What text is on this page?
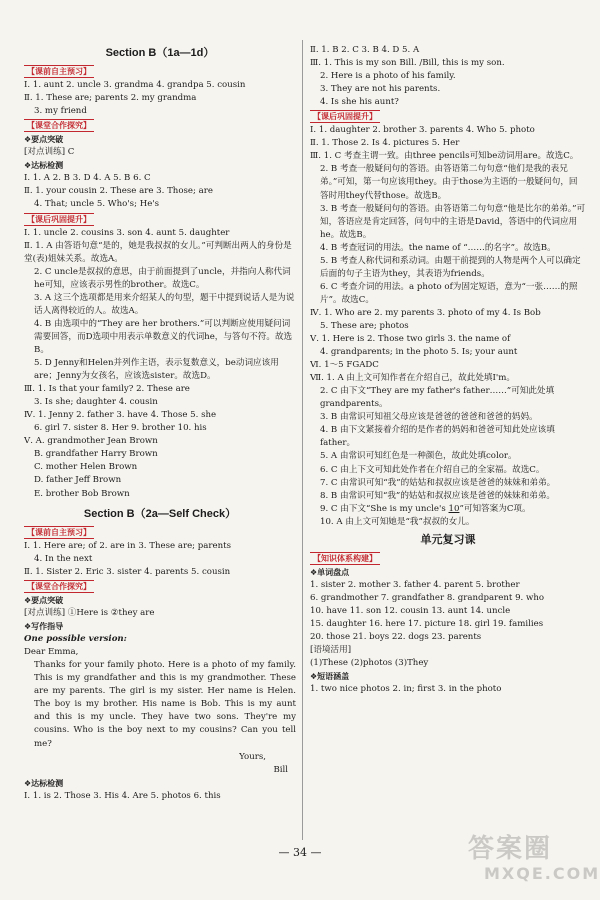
Section B（1a—1d）
【课前自主预习】
Ⅰ. 1. aunt 2. uncle 3. grandma 4. grandpa 5. cousin
Ⅱ. 1. These are; parents 2. my grandma
3. my friend
【课堂合作探究】
❖要点突破
[对点训练] C
❖达标检测
Ⅰ. 1. A 2. B 3. D 4. A 5. B 6. C
Ⅱ. 1. your cousin 2. These are 3. Those; are
4. That; uncle 5. Who's; He's
【课后巩固提升】
Ⅰ. 1. uncle 2. cousins 3. son 4. aunt 5. daughter
Ⅱ. 1. A 由答语句意“是的，她是我叔叔的女儿。”可判断出两人的身份是堂(表)姐妹关系。故选A。
2. C uncle是叔叔的意思，由于前面提到了uncle，并指向人称代词he可知，应该表示男性的brother。故选C。
3. A 这三个选项都是用来介绍某人的句型，题干中提到说话人是为说话人离得较近的人。故选A。
4. B 由选项中的“They are her brothers.”可以判断应使用疑问词需要回答，而D选项中用表示单数意义的代词he，与答句不符。故选B。
5. D Jenny和Helen并列作主语，表示复数意义，be动词应该用are；Jenny为女孩名，应该选sister。故选D。
Ⅲ. 1. Is that your family? 2. These are
3. Is she; daughter 4. cousin
Ⅳ. 1. Jenny 2. father 3. have 4. Those 5. she
6. girl 7. sister 8. Her 9. brother 10. his
Ⅴ. A. grandmother Jean Brown
B. grandfather Harry Brown
C. mother Helen Brown
D. father Jeff Brown
E. brother Bob Brown
Section B（2a—Self Check）
【课前自主预习】
Ⅰ. 1. Here are; of 2. are in 3. These are; parents
4. In the next
Ⅱ. 1. Sister 2. Eric 3. sister 4. parents 5. cousin
【课堂合作探究】
❖要点突破
[对点训练] ①Here is ②they are
❖写作指导
One possible version:
Dear Emma,
Thanks for your family photo. Here is a photo of my family. This is my grandfather and this is my grandmother. These are my parents. The girl is my sister. Her name is Helen. The boy is my brother. His name is Bob. This is my aunt and this is my uncle. They have two sons. They're my cousins. Who is the boy next to my cousins? Can you tell me?
Yours,
Bill
❖达标检测
Ⅰ. 1. is 2. Those 3. His 4. Are 5. photos 6. this
Ⅱ. 1. B 2. C 3. B 4. D 5. A
Ⅲ. 1. This is my son Bill. /Bill, this is my son.
2. Here is a photo of his family.
3. They are not his parents.
4. Is she his aunt?
【课后巩固提升】
Ⅰ. 1. daughter 2. brother 3. parents 4. Who 5. photo
Ⅱ. 1. Those 2. Is 4. pictures 5. Her
Ⅲ. 1. C 考查主谓一致。由three pencils可知be动词用are。故选C。
2. B 考查一般疑问句的答语。由答语第二句句意“他们是我的表兄弟。”可知，第一句应该用they。由于those为主语的一般疑问句，回答时用they代替those。故选B。
3. B 考查一般疑问句的答语。由答语第二句句意“他是比尔的弟弟。”可知，答语应是肯定回答，问句中的主语是David，答语中的代词应用he。故选B。
4. B 考查冠词的用法。the name of “……的名字”。故选B。
5. B 考查人称代词和系动词。由题干前提到的人物是两个人可以确定后面的句子主语为they，其表语为friends。
6. C 考查介词的用法。a photo of为固定短语，意为“一张……的照片”。故选C。
Ⅳ. 1. Who are 2. my parents 3. photo of my 4. Is Bob
5. These are; photos
Ⅴ. 1. Here is 2. Those two girls 3. the name of
4. grandparents; in the photo 5. Is; your aunt
Ⅵ. 1～5 FGADC
Ⅶ. 1. A 由上文可知作者在介绍自己，故此处填I'm。
2. C 由下文“They are my father's father……”可知此处填grandparents。
3. B 由常识可知祖父母应该是爸爸的爸爸和爸爸的妈妈。
4. B 由下文紧接着介绍的是作者的妈妈和爸爸可知此处应该填father。
5. A 由常识可知红色是一种颜色，故此处填color。
6. C 由上下文可知此处作者在介绍自己的全家福。故选C。
7. C 由常识可知“我”的姑姑和叔叔应该是爸爸的妹妹和弟弟。
8. B 由常识可知“我”的姑姑和叔叔应该是爸爸的妹妹和弟弟。
9. C 由下文“She is my uncle's 10”可知答案为C项。
10. A 由上文可知她是“我”叔叔的女儿。
单元复习课
【知识体系构建】
❖单词盘点
1. sister 2. mother 3. father 4. parent 5. brother
6. grandmother 7. grandfather 8. grandparent 9. who
10. have 11. son 12. cousin 13. aunt 14. uncle
15. daughter 16. here 17. picture 18. girl 19. families
20. those 21. boys 22. dogs 23. parents
[语境活用]
(1)These (2)photos (3)They
❖短语涵盖
1. two nice photos 2. in; first 3. in the photo
— 34 —	答案圈
MXQE.COM
